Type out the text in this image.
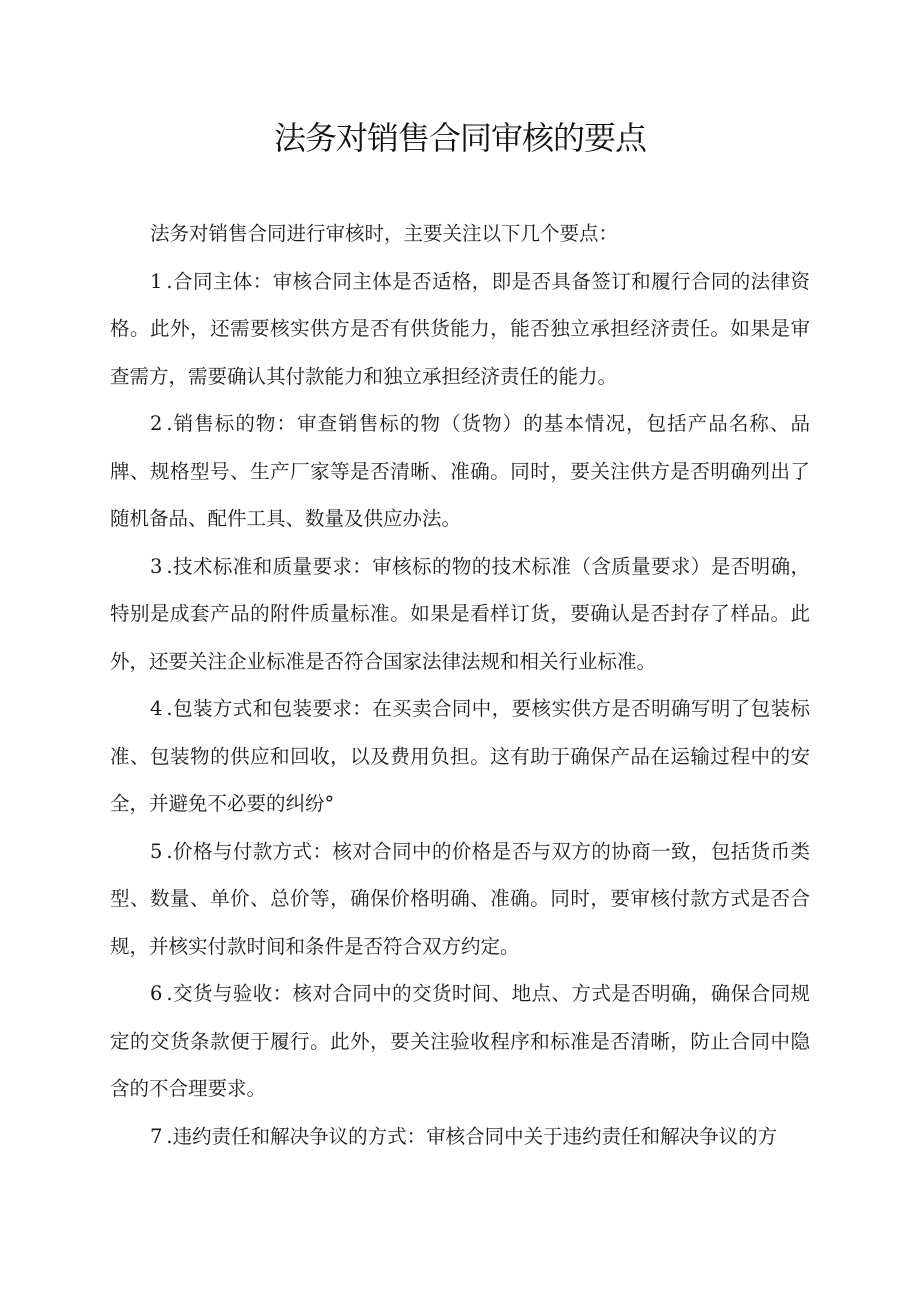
法务对销售合同审核的要点

法务对销售合同进行审核时，主要关注以下几个要点：

1 .合同主体：审核合同主体是否适格，即是否具备签订和履行合同的法律资格。此外，还需要核实供方是否有供货能力，能否独立承担经济责任。如果是审查需方，需要确认其付款能力和独立承担经济责任的能力。

2 .销售标的物：审查销售标的物（货物）的基本情况，包括产品名称、品牌、规格型号、生产厂家等是否清晰、准确。同时，要关注供方是否明确列出了随机备品、配件工具、数量及供应办法。

3 .技术标准和质量要求：审核标的物的技术标准（含质量要求）是否明确，特别是成套产品的附件质量标准。如果是看样订货，要确认是否封存了样品。此外，还要关注企业标准是否符合国家法律法规和相关行业标准。

4 .包装方式和包装要求：在买卖合同中，要核实供方是否明确写明了包装标准、包装物的供应和回收，以及费用负担。这有助于确保产品在运输过程中的安全，并避免不必要的纠纷°

5 .价格与付款方式：核对合同中的价格是否与双方的协商一致，包括货币类型、数量、单价、总价等，确保价格明确、准确。同时，要审核付款方式是否合规，并核实付款时间和条件是否符合双方约定。

6 .交货与验收：核对合同中的交货时间、地点、方式是否明确，确保合同规定的交货条款便于履行。此外，要关注验收程序和标准是否清晰，防止合同中隐含的不合理要求。

7 .违约责任和解决争议的方式：审核合同中关于违约责任和解决争议的方
